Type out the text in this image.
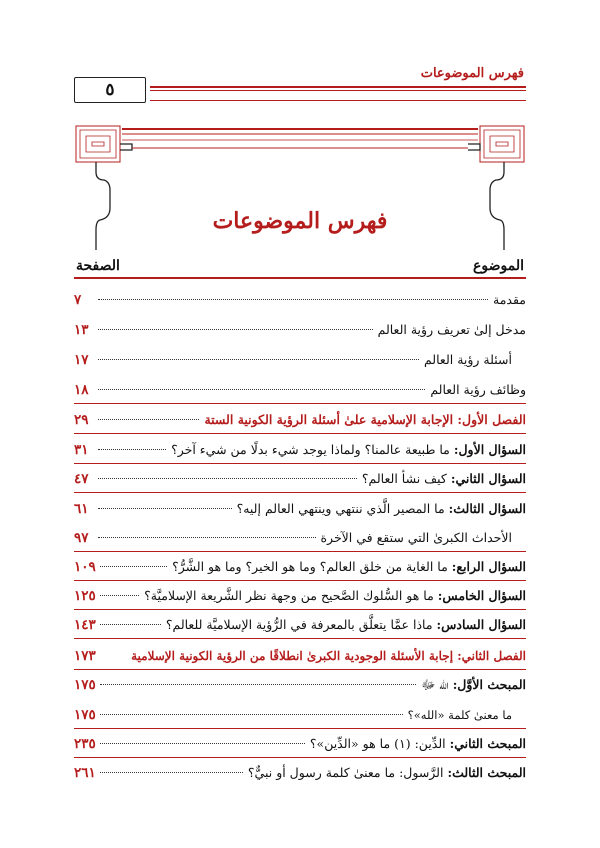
فهرس الموضوعات
٥
فهرس الموضوعات
الموضوع
الصفحة
مقدمة
٧
مدخل إلىٰ تعريف رؤية العالم
١٣
أسئلة رؤية العالم
١٧
وظائف رؤية العالم
١٨
الفصل الأول: الإجابة الإسلامية علىٰ أسئلة الرؤية الكونية الستة
٢٩
السؤال الأول: ما طبيعة عالمنا؟ ولماذا يوجد شيء بدلًا من شيء آخر؟
٣١
السؤال الثاني: كيف نشأ العالم؟
٤٧
السؤال الثالث: ما المصير الَّذي ننتهي وينتهي العالم إليه؟
٦١
الأحداث الكبرىٰ التي ستقع في الآخرة
٩٧
السؤال الرابع: ما الغاية من خلق العالم؟ وما هو الخير؟ وما هو الشَّرُّ؟
١٠٩
السؤال الخامس: ما هو السُّلوك الصَّحيح من وجهة نظر الشَّريعة الإسلاميَّة؟
١٢٥
السؤال السادس: ماذا عمَّا يتعلَّق بالمعرفة في الرُّؤية الإسلاميَّة للعالم؟
١٤٣
الفصل الثاني: إجابة الأسئلة الوجودية الكبرىٰ انطلاقًا من الرؤية الكونية الإسلامية
١٧٣
المبحث الأوَّل: الله ﷻ
١٧٥
ما معنىٰ كلمة «الله»؟
١٧٥
المبحث الثاني: الدِّين: (١) ما هو «الدِّين»؟
٢٣٥
المبحث الثالث: الرَّسول: ما معنىٰ كلمة رسول أو نبيٌّ؟
٢٦١
